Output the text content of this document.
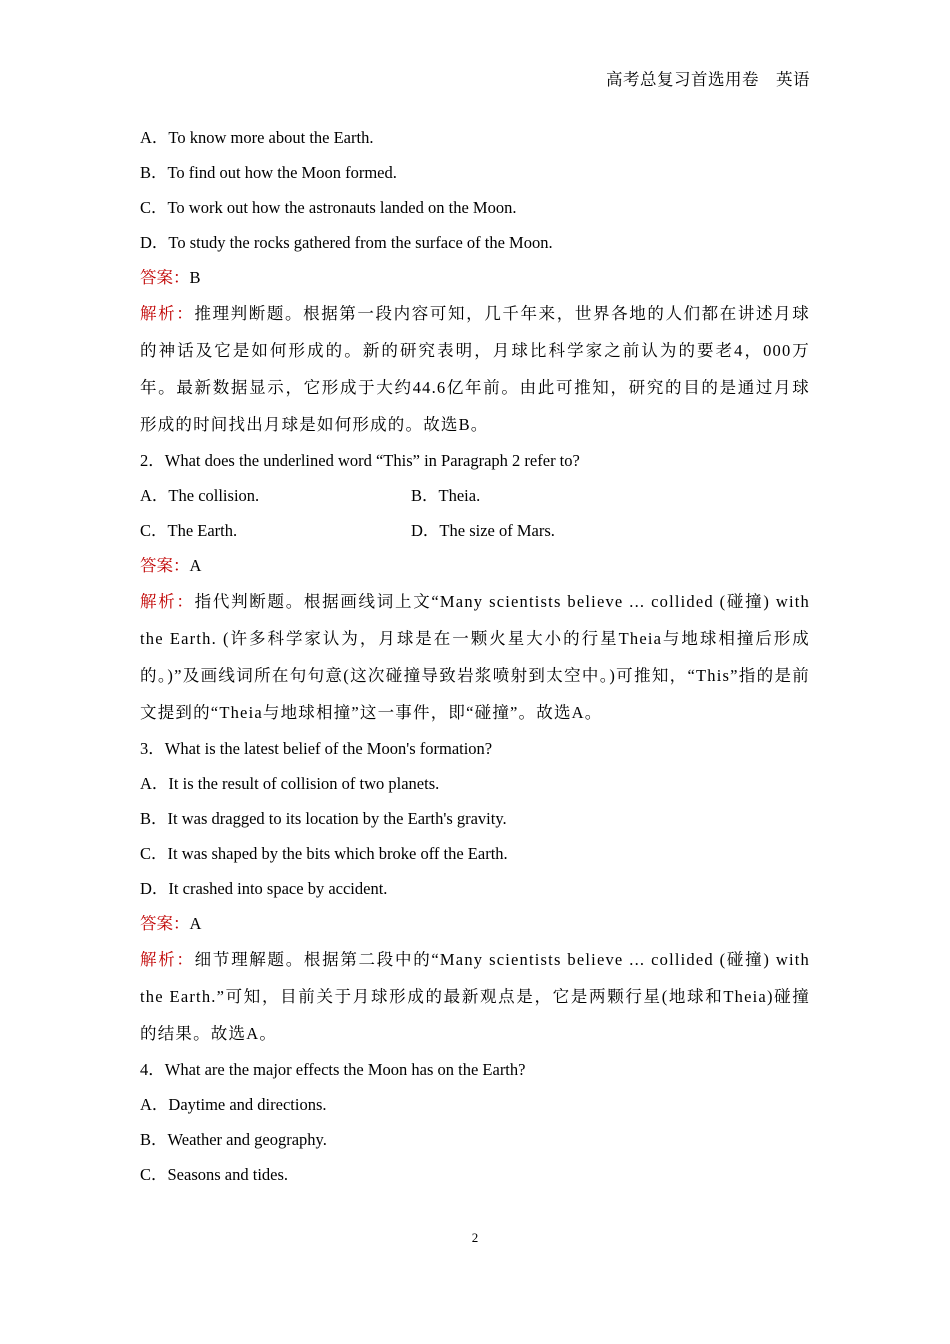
高考总复习首选用卷　英语
A．To know more about the Earth.
B．To find out how the Moon formed.
C．To work out how the astronauts landed on the Moon.
D．To study the rocks gathered from the surface of the Moon.
答案：B
解析：推理判断题。根据第一段内容可知，几千年来，世界各地的人们都在讲述月球的神话及它是如何形成的。新的研究表明，月球比科学家之前认为的要老4，000万年。最新数据显示，它形成于大约44.6亿年前。由此可推知，研究的目的是通过月球形成的时间找出月球是如何形成的。故选B。
2．What does the underlined word “This” in Paragraph 2 refer to?
A．The collision.	B．Theia.
C．The Earth.	D．The size of Mars.
答案：A
解析：指代判断题。根据画线词上文“Many scientists believe ... collided (碰撞) with the Earth. (许多科学家认为，月球是在一颗火星大小的行星Theia与地球相撞后形成的。)”及画线词所在句句意(这次碰撞导致岩浆喷射到太空中。)可推知，“This”指的是前文提到的“Theia与地球相撞”这一事件，即“碰撞”。故选A。
3．What is the latest belief of the Moon's formation?
A．It is the result of collision of two planets.
B．It was dragged to its location by the Earth's gravity.
C．It was shaped by the bits which broke off the Earth.
D．It crashed into space by accident.
答案：A
解析：细节理解题。根据第二段中的“Many scientists believe ... collided (碰撞) with the Earth.”可知，目前关于月球形成的最新观点是，它是两颗行星(地球和Theia)碰撞的结果。故选A。
4．What are the major effects the Moon has on the Earth?
A．Daytime and directions.
B．Weather and geography.
C．Seasons and tides.
2
